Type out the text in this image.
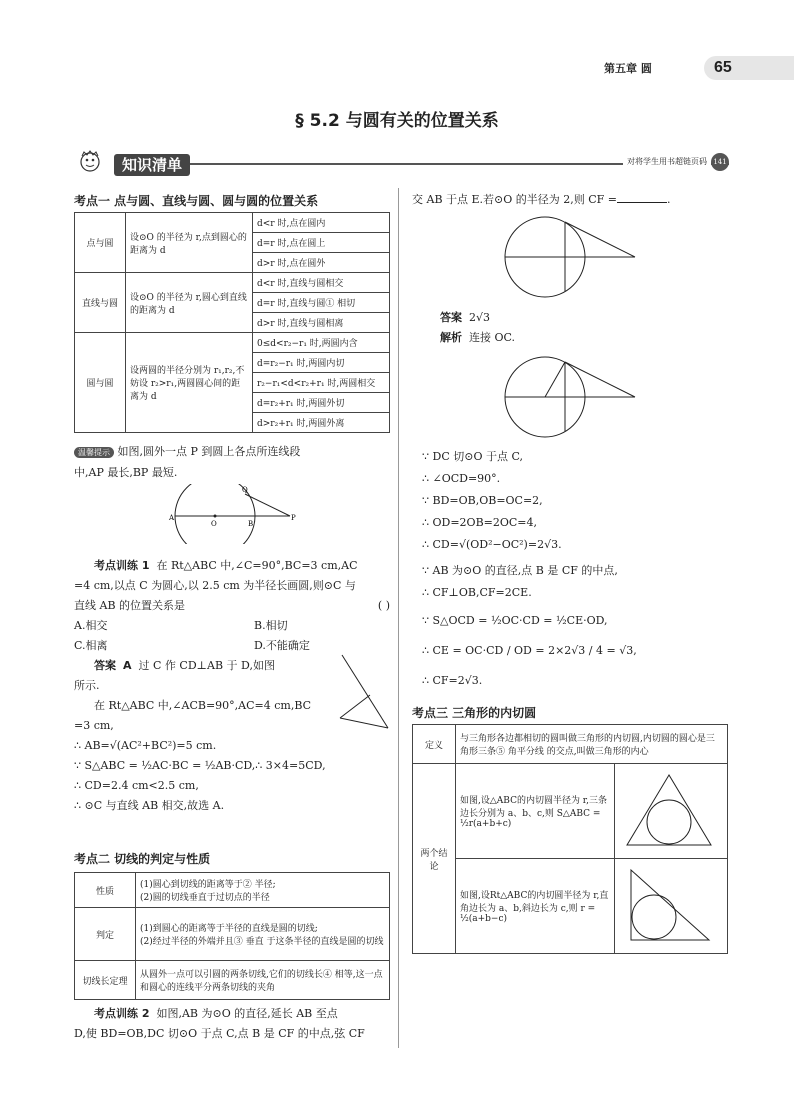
第五章 圆	65
§ 5.2 与圆有关的位置关系
知识清单	对将学生用书超链页码 141
考点一 点与圆、直线与圆、圆与圆的位置关系
点与圆	设⊙O 的半径为 r,点到圆心的距离为 d	d<r 时,点在圆内
		d=r 时,点在圆上
		d>r 时,点在圆外
直线与圆	设⊙O 的半径为 r,圆心到直线的距离为 d	d<r 时,直线与圆相交
		d=r 时,直线与圆① 相切
		d>r 时,直线与圆相离
圆与圆	设两圆的半径分别为 r₁,r₂,不妨设 r₂>r₁,两圆圆心间的距离为 d	0≤d<r₂−r₁ 时,两圆内含
		d=r₂−r₁ 时,两圆内切
		r₂−r₁<d<r₂+r₁ 时,两圆相交
		d=r₂+r₁ 时,两圆外切
		d>r₂+r₁ 时,两圆外离
温馨提示 如图,圆外一点 P 到圆上各点所连线段
中,AP 最长,BP 最短.
A
O	B
P
Q
考点训练 1 在 Rt△ABC 中,∠C=90°,BC=3 cm,AC
=4 cm,以点 C 为圆心,以 2.5 cm 为半径长画圆,则⊙C 与
直线 AB 的位置关系是	( )
A.相交	B.相切
C.相离	D.不能确定
答案 A 过 C 作 CD⊥AB 于 D,如图
所示.
在 Rt△ABC 中,∠ACB=90°,AC=4 cm,BC
=3 cm,
∴ AB=√(AC²+BC²)=5 cm.
∵ S△ABC = ½AC·BC = ½AB·CD,∴ 3×4=5CD,
∴ CD=2.4 cm<2.5 cm,
∴ ⊙C 与直线 AB 相交,故选 A.
考点二 切线的判定与性质
性质	(1)圆心到切线的距离等于② 半径;
(2)圆的切线垂直于过切点的半径

判定	(1)到圆心的距离等于半径的直线是圆的切线;
(2)经过半径的外端并且③ 垂直 于这条半径的直线是圆的切线

切线长定理	从圆外一点可以引圆的两条切线,它们的切线长④ 相等,这一点和圆心的连线平分两条切线的夹角
考点训练 2 如图,AB 为⊙O 的直径,延长 AB 至点
D,使 BD=OB,DC 切⊙O 于点 C,点 B 是 CF 的中点,弦 CF
交 AB 于点 E.若⊙O 的半径为 2,则 CF =	.
答案 2√3
解析 连接 OC.
∵ DC 切⊙O 于点 C,
∴ ∠OCD=90°.
∵ BD=OB,OB=OC=2,
∴ OD=2OB=2OC=4,
∴ CD=√(OD²−OC²)=2√3.
∵ AB 为⊙O 的直径,点 B 是 CF 的中点,
∴ CF⊥OB,CF=2CE.
∵ S△OCD = ½OC·CD = ½CE·OD,
∴ CE = OC·CD / OD = 2×2√3 / 4 = √3,
∴ CF=2√3.
考点三 三角形的内切圆
定义	与三角形各边都相切的圆叫做三角形的内切圆,内切圆的圆心是三角形三条⑤ 角平分线 的交点,叫做三角形的内心	
两个结论	如图,设△ABC的内切圆半径为 r,三条边长分别为 a、b、c,则 S△ABC = ½r(a+b+c)	
	如图,设Rt△ABC的内切圆半径为 r,直角边长为 a、b,斜边长为 c,则 r = ½(a+b−c)	
